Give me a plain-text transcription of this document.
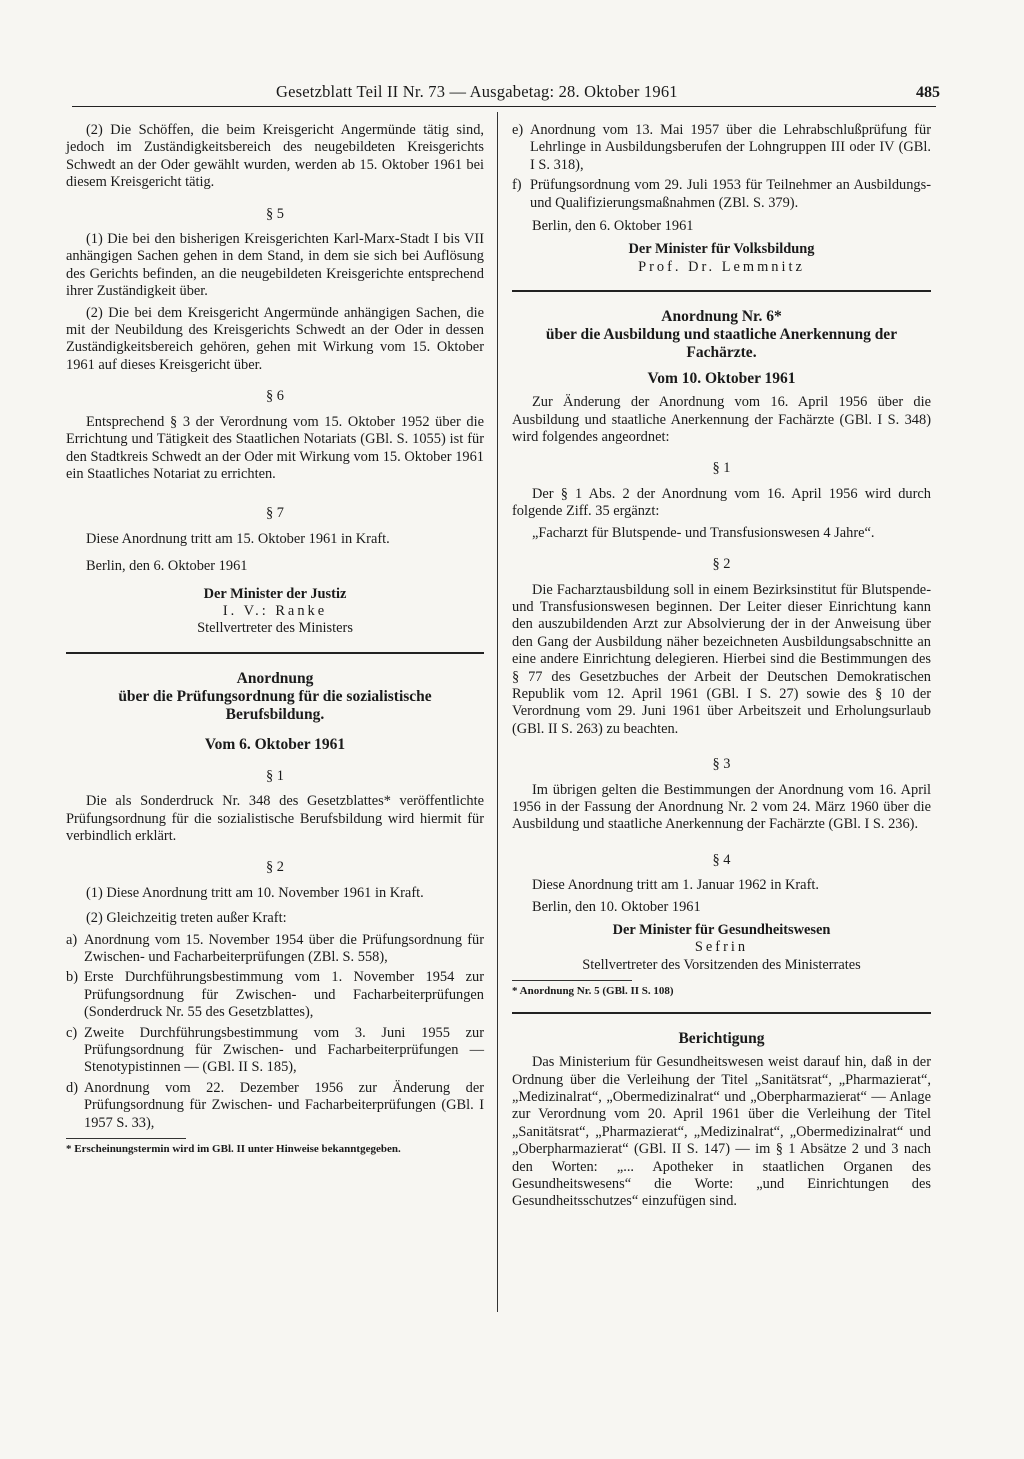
Gesetzblatt Teil II Nr. 73 — Ausgabetag: 28. Oktober 1961	485

(2) Die Schöffen, die beim Kreisgericht Angermünde tätig sind, jedoch im Zuständigkeitsbereich des neugebildeten Kreisgerichts Schwedt an der Oder gewählt wurden, werden ab 15. Oktober 1961 bei diesem Kreisgericht tätig.

§ 5

(1) Die bei den bisherigen Kreisgerichten Karl-Marx-Stadt I bis VII anhängigen Sachen gehen in dem Stand, in dem sie sich bei Auflösung des Gerichts befinden, an die neugebildeten Kreisgerichte entsprechend ihrer Zuständigkeit über.

(2) Die bei dem Kreisgericht Angermünde anhängigen Sachen, die mit der Neubildung des Kreisgerichts Schwedt an der Oder in dessen Zuständigkeitsbereich gehören, gehen mit Wirkung vom 15. Oktober 1961 auf dieses Kreisgericht über.

§ 6

Entsprechend § 3 der Verordnung vom 15. Oktober 1952 über die Errichtung und Tätigkeit des Staatlichen Notariats (GBl. S. 1055) ist für den Stadtkreis Schwedt an der Oder mit Wirkung vom 15. Oktober 1961 ein Staatliches Notariat zu errichten.

§ 7

Diese Anordnung tritt am 15. Oktober 1961 in Kraft.

Berlin, den 6. Oktober 1961

Der Minister der Justiz
I. V.: Ranke
Stellvertreter des Ministers
Anordnung
über die Prüfungsordnung für die sozialistische Berufsbildung.
Vom 6. Oktober 1961
§ 1

Die als Sonderdruck Nr. 348 des Gesetzblattes* veröffentlichte Prüfungsordnung für die sozialistische Berufsbildung wird hiermit für verbindlich erklärt.

§ 2

(1) Diese Anordnung tritt am 10. November 1961 in Kraft.

(2) Gleichzeitig treten außer Kraft:

a) Anordnung vom 15. November 1954 über die Prüfungsordnung für Zwischen- und Facharbeiterprüfungen (ZBl. S. 558),
b) Erste Durchführungsbestimmung vom 1. November 1954 zur Prüfungsordnung für Zwischen- und Facharbeiterprüfungen (Sonderdruck Nr. 55 des Gesetzblattes),
c) Zweite Durchführungsbestimmung vom 3. Juni 1955 zur Prüfungsordnung für Zwischen- und Facharbeiterprüfungen — Stenotypistinnen — (GBl. II S. 185),
d) Anordnung vom 22. Dezember 1956 zur Änderung der Prüfungsordnung für Zwischen- und Facharbeiterprüfungen (GBl. I 1957 S. 33),
* Erscheinungstermin wird im GBl. II unter Hinweise bekanntgegeben.
e) Anordnung vom 13. Mai 1957 über die Lehrabschlußprüfung für Lehrlinge in Ausbildungsberufen der Lohngruppen III oder IV (GBl. I S. 318),
f) Prüfungsordnung vom 29. Juli 1953 für Teilnehmer an Ausbildungs- und Qualifizierungsmaßnahmen (ZBl. S. 379).

Berlin, den 6. Oktober 1961

Der Minister für Volksbildung
Prof. Dr. Lemmnitz
Anordnung Nr. 6*
über die Ausbildung und staatliche Anerkennung der Fachärzte.
Vom 10. Oktober 1961

Zur Änderung der Anordnung vom 16. April 1956 über die Ausbildung und staatliche Anerkennung der Fachärzte (GBl. I S. 348) wird folgendes angeordnet:

§ 1

Der § 1 Abs. 2 der Anordnung vom 16. April 1956 wird durch folgende Ziff. 35 ergänzt:

„Facharzt für Blutspende- und Transfusionswesen 4 Jahre“.

§ 2

Die Facharztausbildung soll in einem Bezirksinstitut für Blutspende- und Transfusionswesen beginnen. Der Leiter dieser Einrichtung kann den auszubildenden Arzt zur Absolvierung der in der Anweisung über den Gang der Ausbildung näher bezeichneten Ausbildungsabschnitte an eine andere Einrichtung delegieren. Hierbei sind die Bestimmungen des § 77 des Gesetzbuches der Arbeit der Deutschen Demokratischen Republik vom 12. April 1961 (GBl. I S. 27) sowie des § 10 der Verordnung vom 29. Juni 1961 über Arbeitszeit und Erholungsurlaub (GBl. II S. 263) zu beachten.

§ 3

Im übrigen gelten die Bestimmungen der Anordnung vom 16. April 1956 in der Fassung der Anordnung Nr. 2 vom 24. März 1960 über die Ausbildung und staatliche Anerkennung der Fachärzte (GBl. I S. 236).

§ 4

Diese Anordnung tritt am 1. Januar 1962 in Kraft.

Berlin, den 10. Oktober 1961

Der Minister für Gesundheitswesen
Sefrin
Stellvertreter des Vorsitzenden des Ministerrates
* Anordnung Nr. 5 (GBl. II S. 108)
Berichtigung

Das Ministerium für Gesundheitswesen weist darauf hin, daß in der Ordnung über die Verleihung der Titel „Sanitätsrat“, „Pharmazierat“, „Medizinalrat“, „Obermedizinalrat“ und „Oberpharmazierat“ — Anlage zur Verordnung vom 20. April 1961 über die Verleihung der Titel „Sanitätsrat“, „Pharmazierat“, „Medizinalrat“, „Obermedizinalrat“ und „Oberpharmazierat“ (GBl. II S. 147) — im § 1 Absätze 2 und 3 nach den Worten: „... Apotheker in staatlichen Organen des Gesundheitswesens“ die Worte: „und Einrichtungen des Gesundheitsschutzes“ einzufügen sind.
